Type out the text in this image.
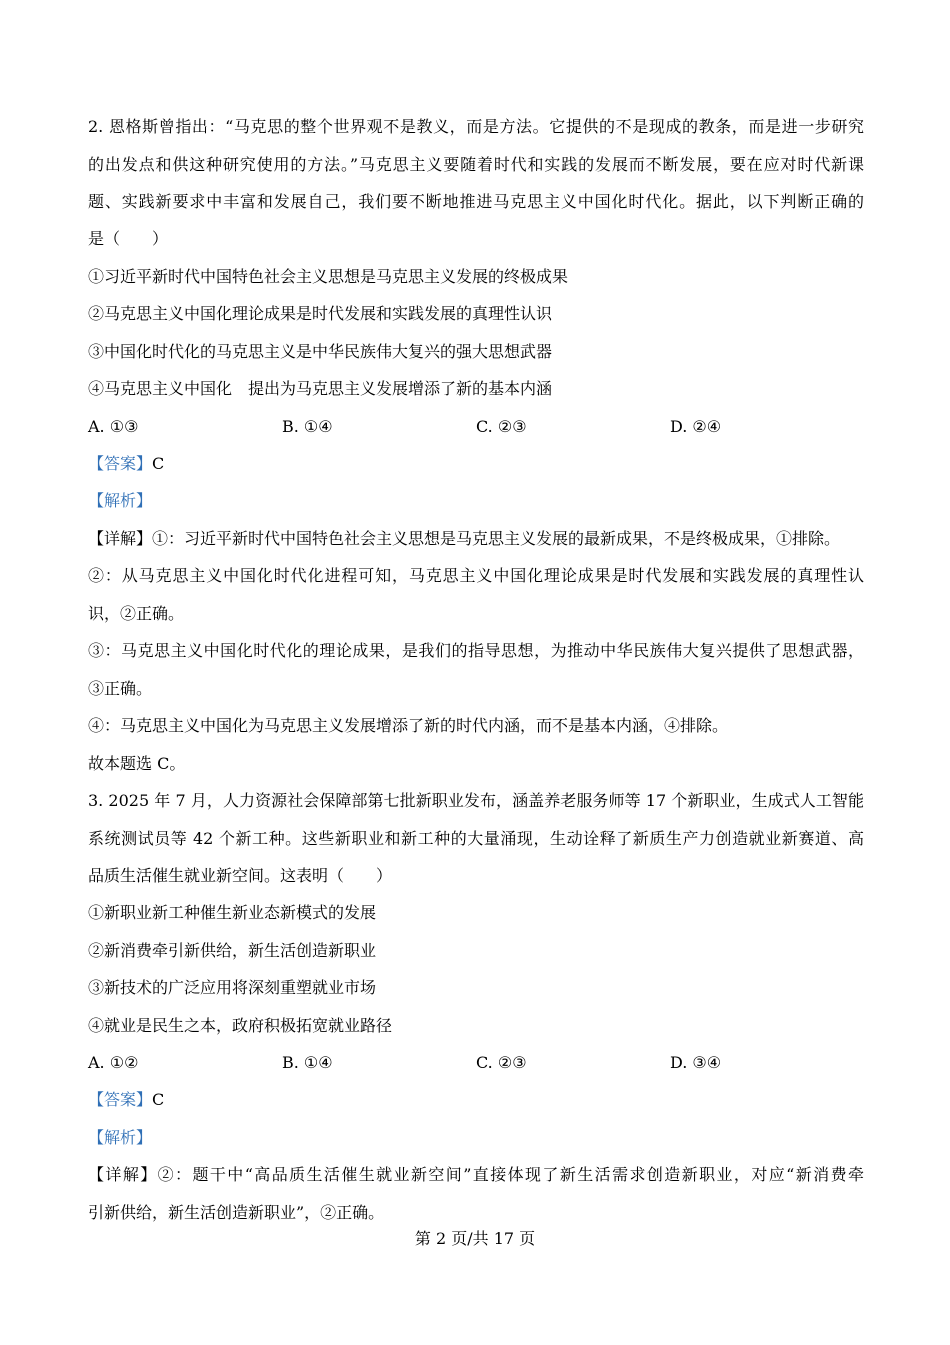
2. 恩格斯曾指出：“马克思的整个世界观不是教义，而是方法。它提供的不是现成的教条，而是进一步研究
的出发点和供这种研究使用的方法。”马克思主义要随着时代和实践的发展而不断发展，要在应对时代新课
题、实践新要求中丰富和发展自己，我们要不断地推进马克思主义中国化时代化。据此，以下判断正确的
是（　　）
①习近平新时代中国特色社会主义思想是马克思主义发展的终极成果
②马克思主义中国化理论成果是时代发展和实践发展的真理性认识
③中国化时代化的马克思主义是中华民族伟大复兴的强大思想武器
④马克思主义中国化　提出为马克思主义发展增添了新的基本内涵
A. ①③	B. ①④	C. ②③	D. ②④
【答案】C
【解析】
【详解】①：习近平新时代中国特色社会主义思想是马克思主义发展的最新成果，不是终极成果，①排除。
②：从马克思主义中国化时代化进程可知，马克思主义中国化理论成果是时代发展和实践发展的真理性认
识，②正确。
③：马克思主义中国化时代化的理论成果，是我们的指导思想，为推动中华民族伟大复兴提供了思想武器，
③正确。
④：马克思主义中国化为马克思主义发展增添了新的时代内涵，而不是基本内涵，④排除。
故本题选 C。
3. 2025 年 7 月，人力资源社会保障部第七批新职业发布，涵盖养老服务师等 17 个新职业，生成式人工智能
系统测试员等 42 个新工种。这些新职业和新工种的大量涌现，生动诠释了新质生产力创造就业新赛道、高
品质生活催生就业新空间。这表明（　　）
①新职业新工种催生新业态新模式的发展
②新消费牵引新供给，新生活创造新职业
③新技术的广泛应用将深刻重塑就业市场
④就业是民生之本，政府积极拓宽就业路径
A. ①②	B. ①④	C. ②③	D. ③④
【答案】C
【解析】
【详解】②：题干中“高品质生活催生就业新空间”直接体现了新生活需求创造新职业，对应“新消费牵
引新供给，新生活创造新职业”，②正确。
第 2 页/共 17 页
